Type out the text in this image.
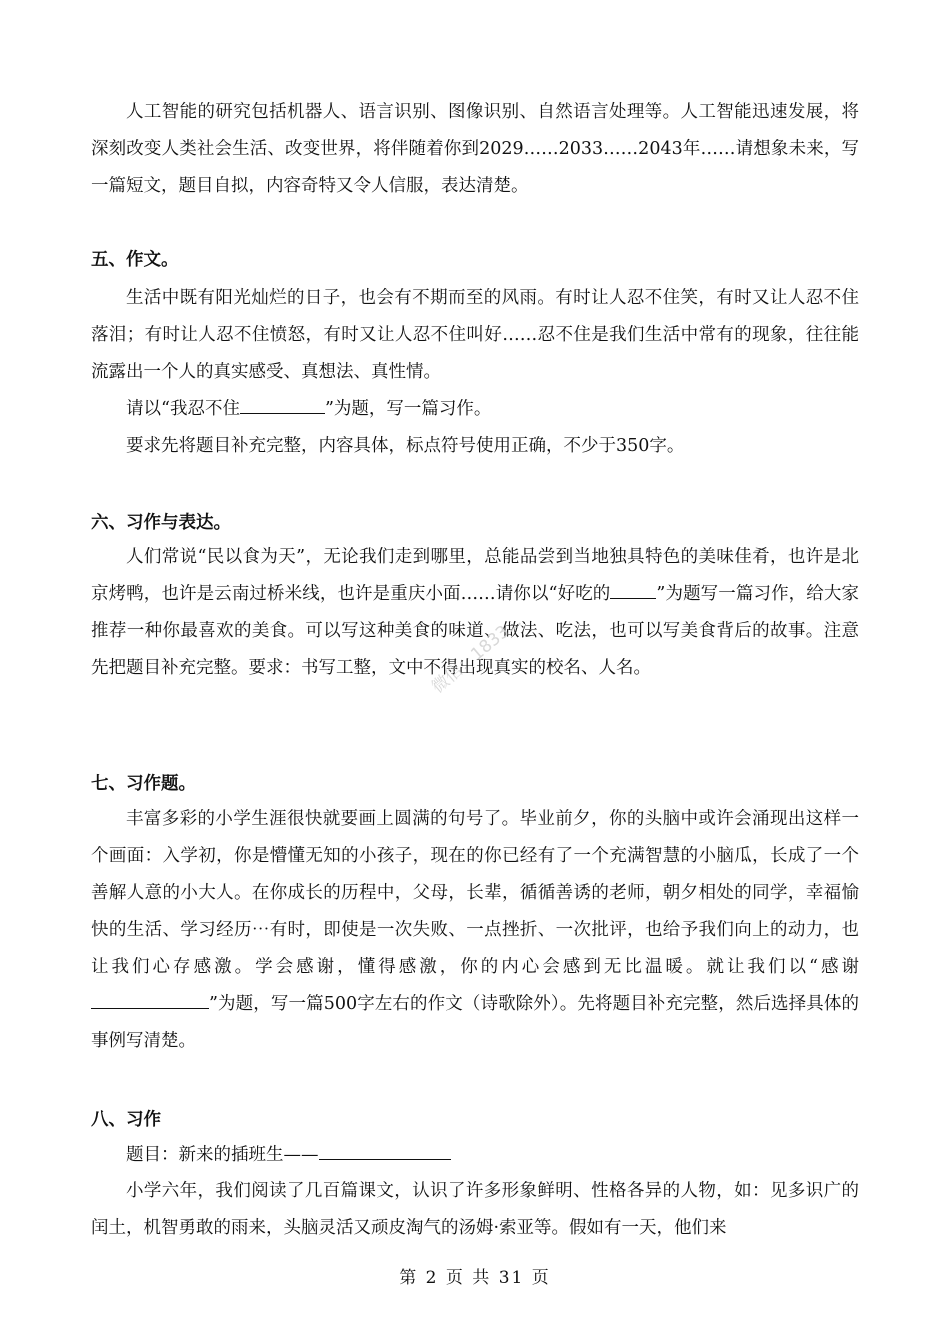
人工智能的研究包括机器人、语言识别、图像识别、自然语言处理等。人工智能迅速发展，将深刻改变人类社会生活、改变世界，将伴随着你到2029……2033……2043年……请想象未来，写一篇短文，题目自拟，内容奇特又令人信服，表达清楚。

五、作文。

生活中既有阳光灿烂的日子，也会有不期而至的风雨。有时让人忍不住笑，有时又让人忍不住落泪；有时让人忍不住愤怒，有时又让人忍不住叫好……忍不住是我们生活中常有的现象，往往能流露出一个人的真实感受、真想法、真性情。

请以“我忍不住	”为题，写一篇习作。

要求先将题目补充完整，内容具体，标点符号使用正确，不少于350字。

六、习作与表达。

人们常说“民以食为天”，无论我们走到哪里，总能品尝到当地独具特色的美味佳肴，也许是北京烤鸭，也许是云南过桥米线，也许是重庆小面……请你以“好吃的	”为题写一篇习作，给大家推荐一种你最喜欢的美食。可以写这种美食的味道、做法、吃法，也可以写美食背后的故事。注意先把题目补充完整。要求：书写工整，文中不得出现真实的校名、人名。

七、习作题。

丰富多彩的小学生涯很快就要画上圆满的句号了。毕业前夕，你的头脑中或许会涌现出这样一个画面：入学初，你是懵懂无知的小孩子，现在的你已经有了一个充满智慧的小脑瓜，长成了一个善解人意的小大人。在你成长的历程中，父母，长辈，循循善诱的老师，朝夕相处的同学，幸福愉快的生活、学习经历⋯有时，即使是一次失败、一点挫折、一次批评，也给予我们向上的动力，也让我们心存感激。学会感谢，懂得感激，你的内心会感到无比温暖。就让我们以“感谢”为题，写一篇500字左右的作文（诗歌除外）。先将题目补充完整，然后选择具体的事例写清楚。

八、习作

题目：新来的插班生——

小学六年，我们阅读了几百篇课文，认识了许多形象鲜明、性格各异的人物，如：见多识广的闰土，机智勇敢的雨来，头脑灵活又顽皮淘气的汤姆·索亚等。假如有一天，他们来

微信：1833...
第 2 页 共 31 页
